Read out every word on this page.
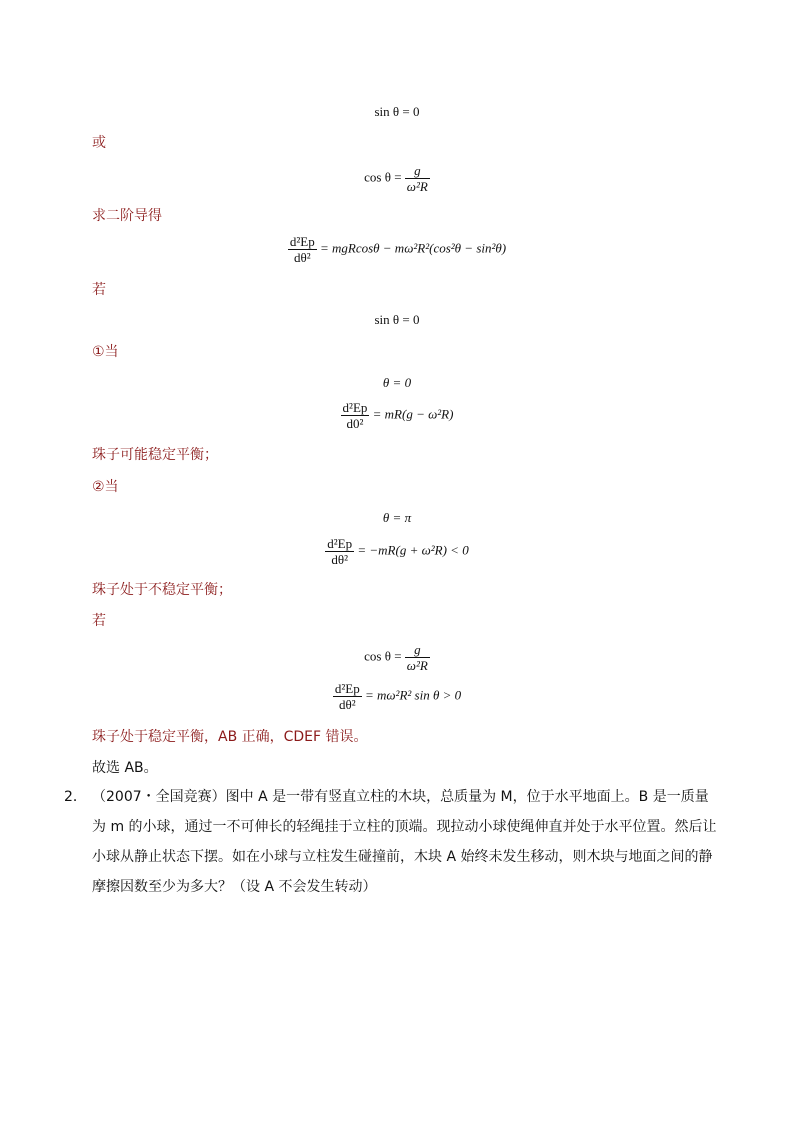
sin θ = 0
或
$\cos \theta = \frac{g}{\text{ω²R}}$
求二阶导得
$\frac{\text{d²Ep}}{\text{dθ²}} = mgRcos\theta - m\omega^2R^2(\cos^2\theta - \sin^2\theta)$
若
sin θ = 0
①当
θ = 0
$\frac{\text{d²Ep}}{\text{d0²}} = mR(g - \omega^2R)$
珠子可能稳定平衡；
②当
θ = π
$\frac{\text{d²Ep}}{\text{dθ²}} = -mR(g + \omega^2R) < 0$
珠子处于不稳定平衡；
若
$\cos \theta = \frac{g}{\text{ω²R}}$
$\frac{\text{d²Ep}}{\text{dθ²}} = m\omega^2R^2$ sin θ > 0
珠子处于稳定平衡，AB 正确，CDEF 错误。
故选 AB。
2． （2007・全国竞赛）图中 A 是一带有竖直立柱的木块，总质量为 M，位于水平地面上。B 是一质量为 m 的小球，通过一不可伸长的轻绳挂于立柱的顶端。现拉动小球使绳伸直并处于水平位置。然后让小球从静止状态下摆。如在小球与立柱发生碰撞前，木块 A 始终未发生移动，则木块与地面之间的静摩擦因数至少为多大？（设 A 不会发生转动）
